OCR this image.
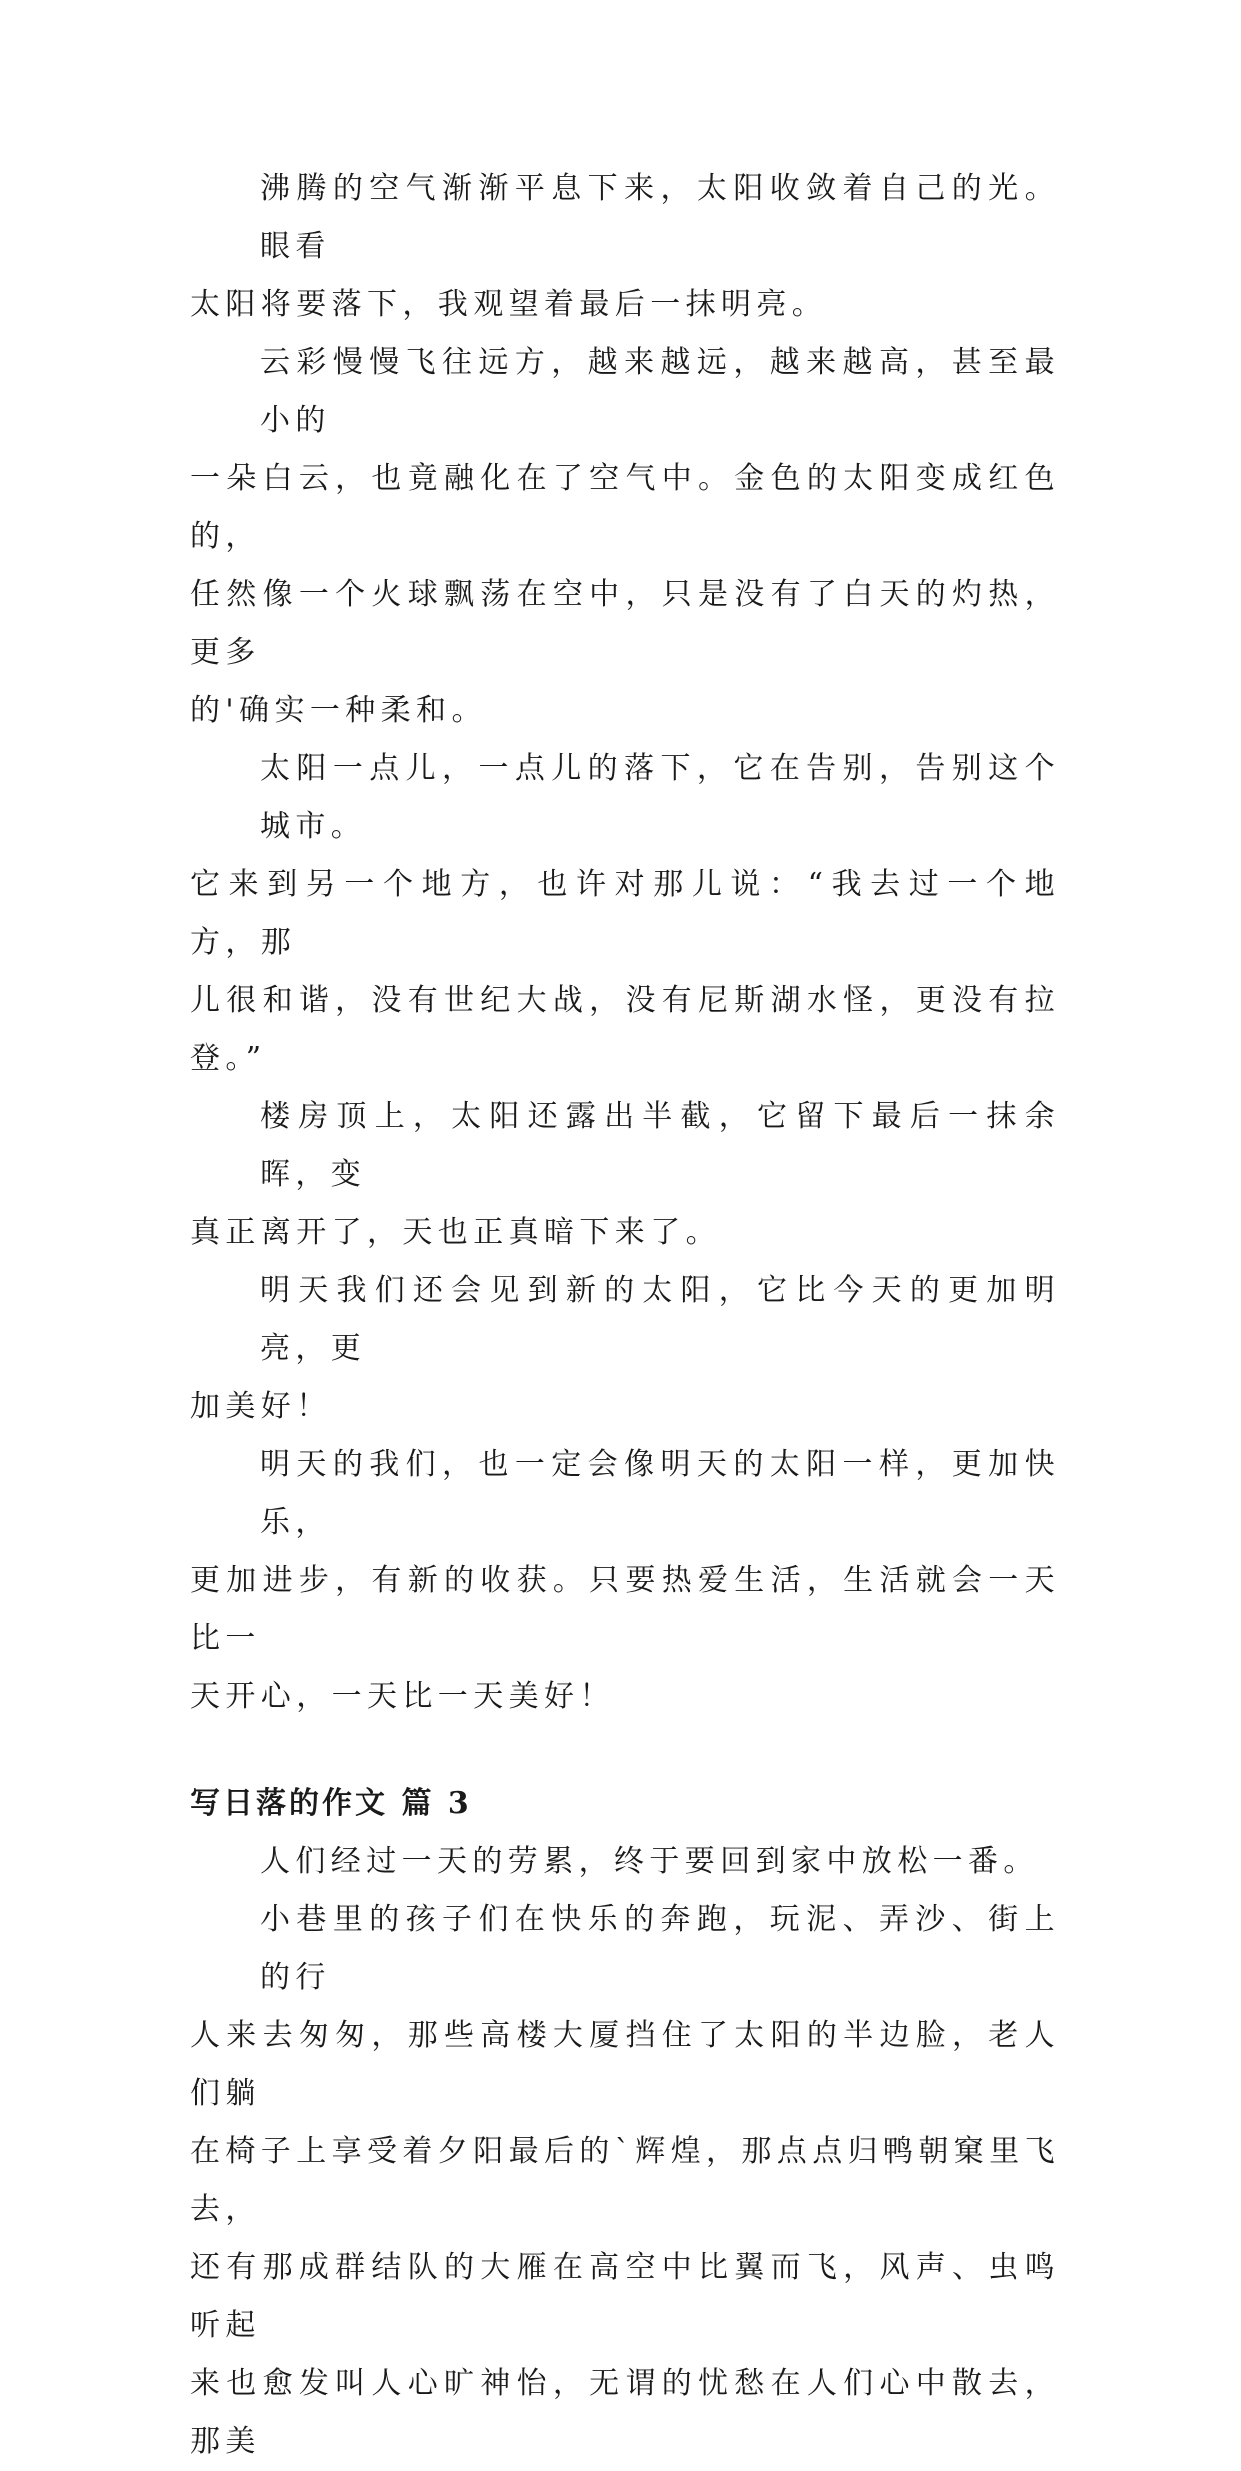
沸腾的空气渐渐平息下来，太阳收敛着自己的光。眼看
太阳将要落下，我观望着最后一抹明亮。

云彩慢慢飞往远方，越来越远，越来越高，甚至最小的
一朵白云，也竟融化在了空气中。金色的太阳变成红色的，
任然像一个火球飘荡在空中，只是没有了白天的灼热，更多
的'确实一种柔和。

太阳一点儿，一点儿的落下，它在告别，告别这个城市。
它来到另一个地方，也许对那儿说：“我去过一个地方，那
儿很和谐，没有世纪大战，没有尼斯湖水怪，更没有拉登。”

楼房顶上，太阳还露出半截，它留下最后一抹余晖，变
真正离开了，天也正真暗下来了。

明天我们还会见到新的太阳，它比今天的更加明亮，更
加美好！

明天的我们，也一定会像明天的太阳一样，更加快乐，
更加进步，有新的收获。只要热爱生活，生活就会一天比一
天开心，一天比一天美好！

写日落的作文 篇 3

人们经过一天的劳累，终于要回到家中放松一番。

小巷里的孩子们在快乐的奔跑，玩泥、弄沙、街上的行
人来去匆匆，那些高楼大厦挡住了太阳的半边脸，老人们躺
在椅子上享受着夕阳最后的`辉煌，那点点归鸭朝窠里飞去，
还有那成群结队的大雁在高空中比翼而飞，风声、虫鸣听起
来也愈发叫人心旷神怡，无谓的忧愁在人们心中散去，那美
